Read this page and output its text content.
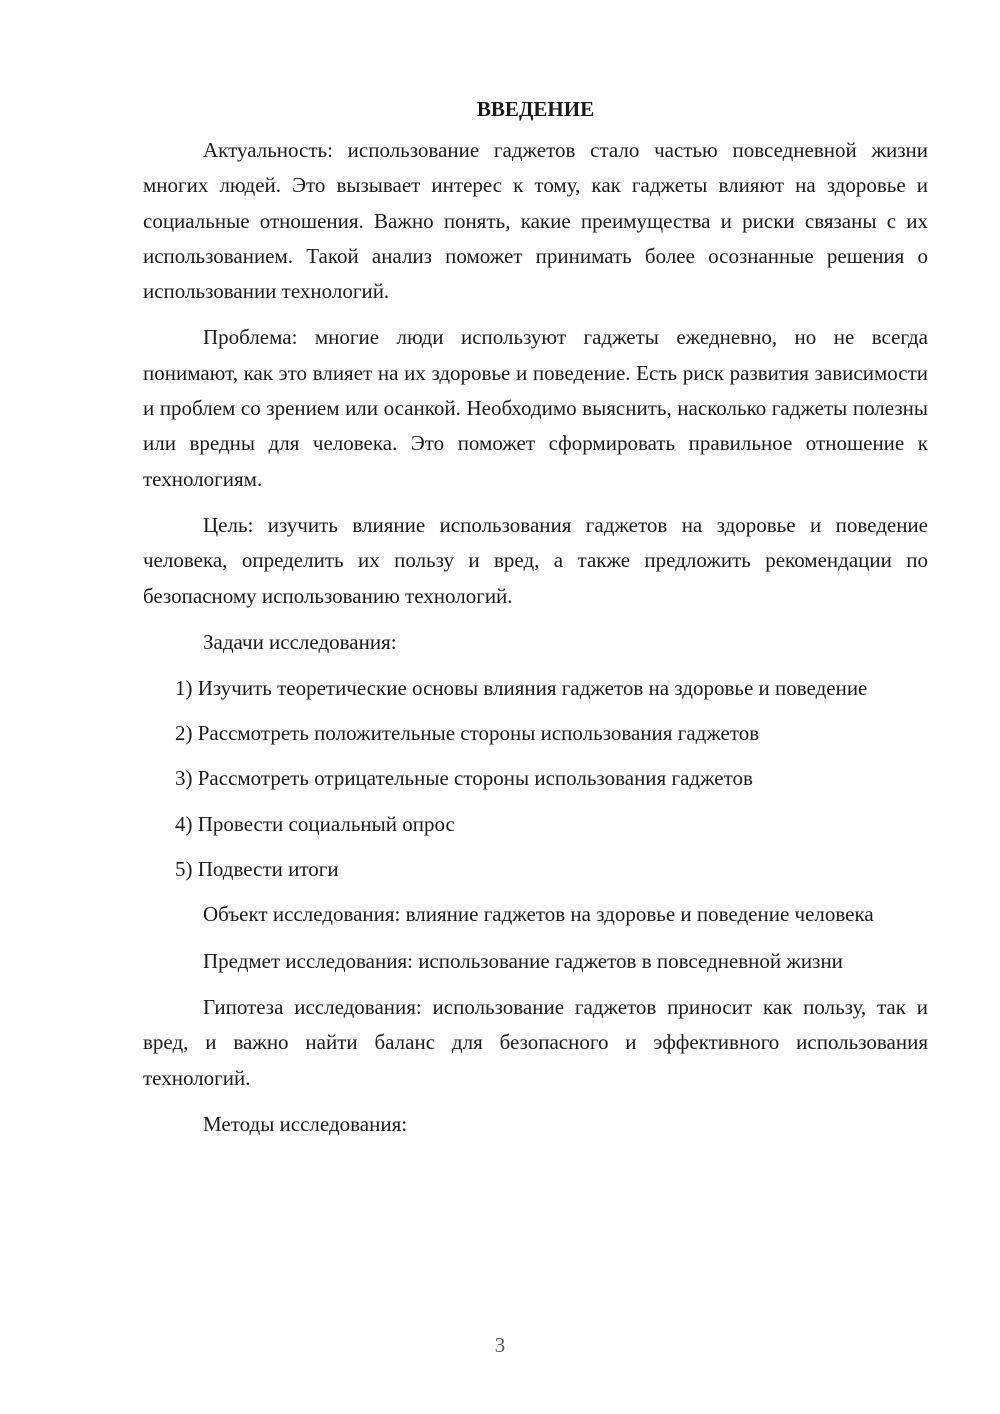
ВВЕДЕНИЕ

Актуальность: использование гаджетов стало частью повседневной жизни многих людей. Это вызывает интерес к тому, как гаджеты влияют на здоровье и социальные отношения. Важно понять, какие преимущества и риски связаны с их использованием. Такой анализ поможет принимать более осознанные решения о использовании технологий.

Проблема: многие люди используют гаджеты ежедневно, но не всегда понимают, как это влияет на их здоровье и поведение. Есть риск развития зависимости и проблем со зрением или осанкой. Необходимо выяснить, насколько гаджеты полезны или вредны для человека. Это поможет сформировать правильное отношение к технологиям.

Цель: изучить влияние использования гаджетов на здоровье и поведение человека, определить их пользу и вред, а также предложить рекомендации по безопасному использованию технологий.

Задачи исследования:

1) Изучить теоретические основы влияния гаджетов на здоровье и поведение

2) Рассмотреть положительные стороны использования гаджетов

3) Рассмотреть отрицательные стороны использования гаджетов

4) Провести социальный опрос

5) Подвести итоги

Объект исследования: влияние гаджетов на здоровье и поведение человека

Предмет исследования: использование гаджетов в повседневной жизни

Гипотеза исследования: использование гаджетов приносит как пользу, так и вред, и важно найти баланс для безопасного и эффективного использования технологий.

Методы исследования:

3
